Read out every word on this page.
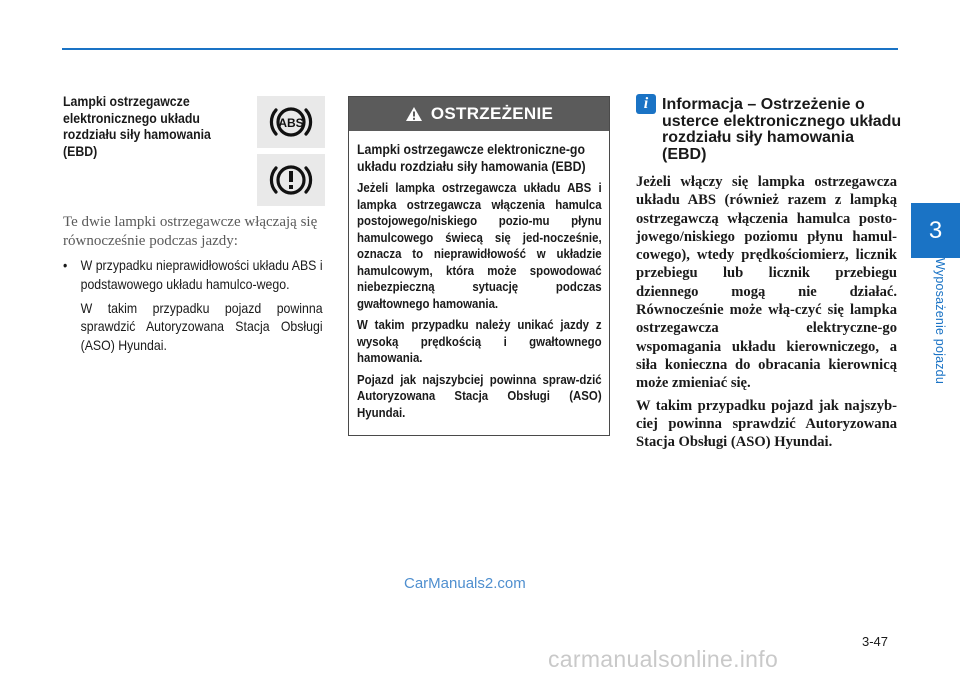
3
Wyposażenie pojazdu

Lampki ostrzegawcze elektronicznego układu rozdziału siły hamowania (EBD)

ABS

Te dwie lampki ostrzegawcze włączają się równocześnie podczas jazdy:

• W przypadku nieprawidłowości układu ABS i podstawowego układu hamulco-wego.

W takim przypadku pojazd powinna sprawdzić Autoryzowana Stacja Obsługi (ASO) Hyundai.

OSTRZEŻENIE

Lampki ostrzegawcze elektroniczne-go układu rozdziału siły hamowania (EBD)

Jeżeli lampka ostrzegawcza układu ABS i lampka ostrzegawcza włączenia hamulca postojowego/niskiego pozio-mu płynu hamulcowego świecą się jed-nocześnie, oznacza to nieprawidłowość w układzie hamulcowym, która może spowodować niebezpieczną sytuację podczas gwałtownego hamowania.

W takim przypadku należy unikać jazdy z wysoką prędkością i gwałtownego hamowania.

Pojazd jak najszybciej powinna spraw-dzić Autoryzowana Stacja Obsługi (ASO) Hyundai.

i Informacja – Ostrzeżenie o usterce elektronicznego układu rozdziału siły hamowania (EBD)

Jeżeli włączy się lampka ostrzegawcza układu ABS (również razem z lampką ostrzegawczą włączenia hamulca posto-jowego/niskiego poziomu płynu hamul-cowego), wtedy prędkościomierz, licznik przebiegu lub licznik przebiegu dziennego mogą nie działać. Równocześnie może włą-czyć się lampka ostrzegawcza elektryczne-go wspomagania układu kierowniczego, a siła konieczna do obracania kierownicą może zmieniać się.

W takim przypadku pojazd jak najszyb-ciej powinna sprawdzić Autoryzowana Stacja Obsługi (ASO) Hyundai.

CarManuals2.com
3-47
carmanualsonline.info
